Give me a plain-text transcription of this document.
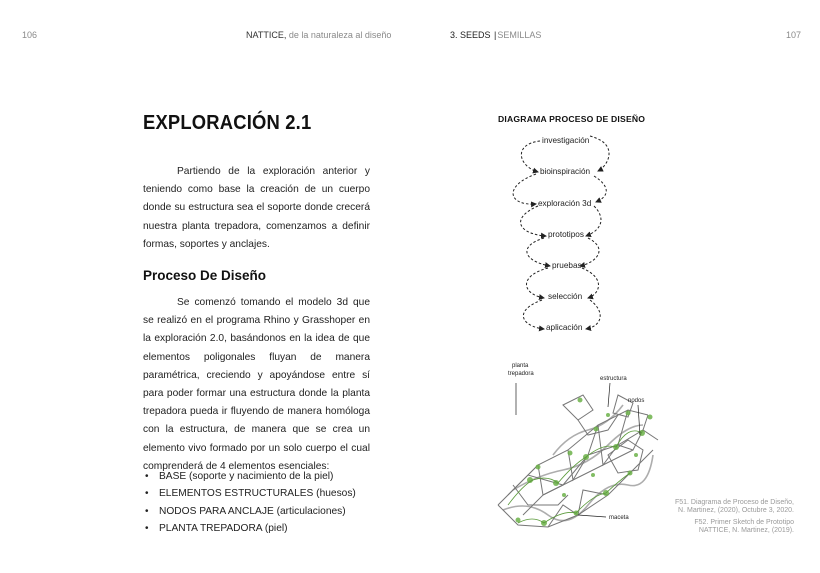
106	NATTICE, de la naturaleza al diseño	3. SEEDS |SEMILLAS	107
EXPLORACIÓN 2.1
Partiendo de la exploración anterior y teniendo como base la creación de un cuerpo donde su estructura sea el soporte donde crecerá nuestra planta trepadora, comenzamos a definir formas, soportes y anclajes.
Proceso De Diseño
Se comenzó tomando el modelo 3d que se realizó en el programa Rhino y Grasshoper en la exploración 2.0, basándonos en la idea de que elementos poligonales fluyan de manera paramétrica, creciendo y apoyándose entre sí para poder formar una estructura donde la planta trepadora pueda ir fluyendo de manera homóloga con la estructura, de manera que se crea un elemento vivo formado por un solo cuerpo el cual comprenderá de 4 elementos esenciales:
• BASE (soporte y nacimiento de la piel)
• ELEMENTOS ESTRUCTURALES (huesos)
• NODOS PARA ANCLAJE (articulaciones)
• PLANTA TREPADORA (piel)
DIAGRAMA PROCESO DE DISEÑO
investigación
bioinspiración
exploración 3d
prototipos
pruebas
selección
aplicación
planta
trepadora
estructura
nodos
maceta
F51. Diagrama de Proceso de Diseño,
N. Martinez, (2020), Octubre 3, 2020.
F52. Primer Sketch de Prototipo
NATTICE, N. Martinez, (2019).
